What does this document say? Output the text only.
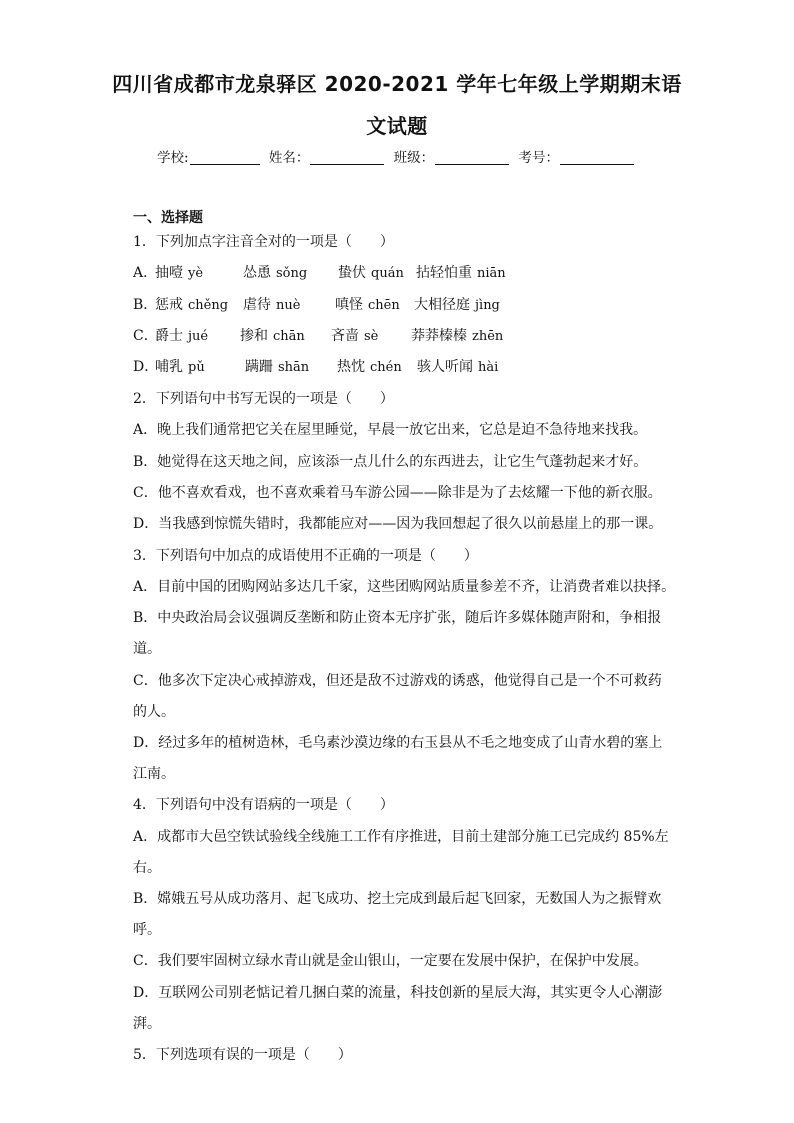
四川省成都市龙泉驿区 2020-2021 学年七年级上学期期末语
文试题
学校:	姓名：	班级：	考号：
一、选择题
1．下列加点字注音全对的一项是（　　）
A．
抽噎 yè	怂恿 sǒng 蛰伏 quán 拈轻怕重 niān
B．
惩戒 chěng 虐待 nuè 嗔怪 chēn 大相径庭 jìng
C．
爵士 jué 掺和 chān 吝啬 sè 莽莽榛榛 zhēn
D．
哺乳 pǔ	蹒跚 shān 热忱 chén 骇人听闻 hài
2．下列语句中书写无误的一项是（　　）
A．晚上我们通常把它关在屋里睡觉，早晨一放它出来，它总是迫不急待地来找我。
B．她觉得在这天地之间，应该添一点儿什么的东西进去，让它生气蓬勃起来才好。
C．他不喜欢看戏，也不喜欢乘着马车游公园——除非是为了去炫耀一下他的新衣服。
D．当我感到惊慌失错时，我都能应对——因为我回想起了很久以前悬崖上的那一课。
3．下列语句中加点的成语使用不正确的一项是（　　）
A．目前中国的团购网站多达几千家，这些团购网站质量参差不齐，让消费者难以抉择。
B．中央政治局会议强调反垄断和防止资本无序扩张，随后许多媒体随声附和，争相报
道。
C．他多次下定决心戒掉游戏，但还是敌不过游戏的诱惑，他觉得自己是一个不可救药
的人。
D．经过多年的植树造林，毛乌素沙漠边缘的右玉县从不毛之地变成了山青水碧的塞上
江南。
4．下列语句中没有语病的一项是（　　）
A．成都市大邑空铁试验线全线施工工作有序推进，目前土建部分施工已完成约 85%左
右。
B．嫦娥五号从成功落月、起飞成功、挖土完成到最后起飞回家，无数国人为之振臂欢
呼。
C．我们要牢固树立绿水青山就是金山银山，一定要在发展中保护，在保护中发展。
D．互联网公司别老惦记着几捆白菜的流量，科技创新的星辰大海，其实更令人心潮澎
湃。
5．下列选项有误的一项是（　　）
